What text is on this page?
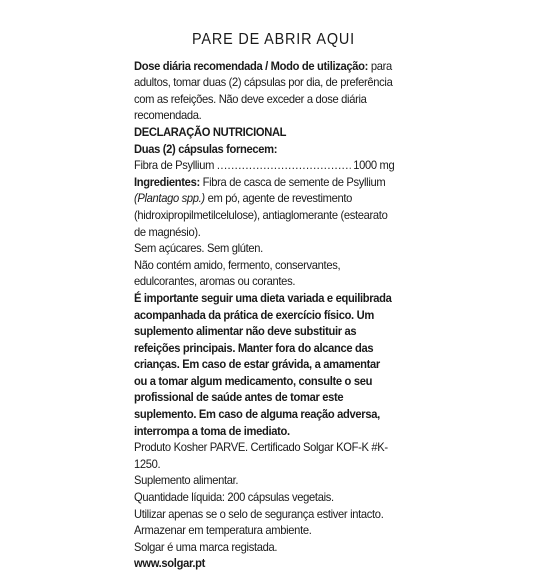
PARE DE ABRIR AQUI

Dose diária recomendada / Modo de utilização: para adultos, tomar duas (2) cápsulas por dia, de preferência com as refeições. Não deve exceder a dose diária recomendada.

DECLARAÇÃO NUTRICIONAL

Duas (2) cápsulas fornecem:

Fibra de Psyllium
.....	1000 mg

Ingredientes: Fibra de casca de semente de Psyllium (Plantago spp.) em pó, agente de revestimento (hidroxipropilmetilcelulose), antiaglomerante (estearato de magnésio).

Sem açúcares. Sem glúten.

Não contém amido, fermento, conservantes, edulcorantes, aromas ou corantes.

É importante seguir uma dieta variada e equilibrada acompanhada da prática de exercício físico. Um suplemento alimentar não deve substituir as refeições principais. Manter fora do alcance das crianças. Em caso de estar grávida, a amamentar ou a tomar algum medicamento, consulte o seu profissional de saúde antes de tomar este suplemento. Em caso de alguma reação adversa, interrompa a toma de imediato.

Produto Kosher PARVE. Certificado Solgar KOF-K #K-1250.

Suplemento alimentar.

Quantidade líquida: 200 cápsulas vegetais.

Utilizar apenas se o selo de segurança estiver intacto.

Armazenar em temperatura ambiente.

Solgar é uma marca registada.

www.solgar.pt
